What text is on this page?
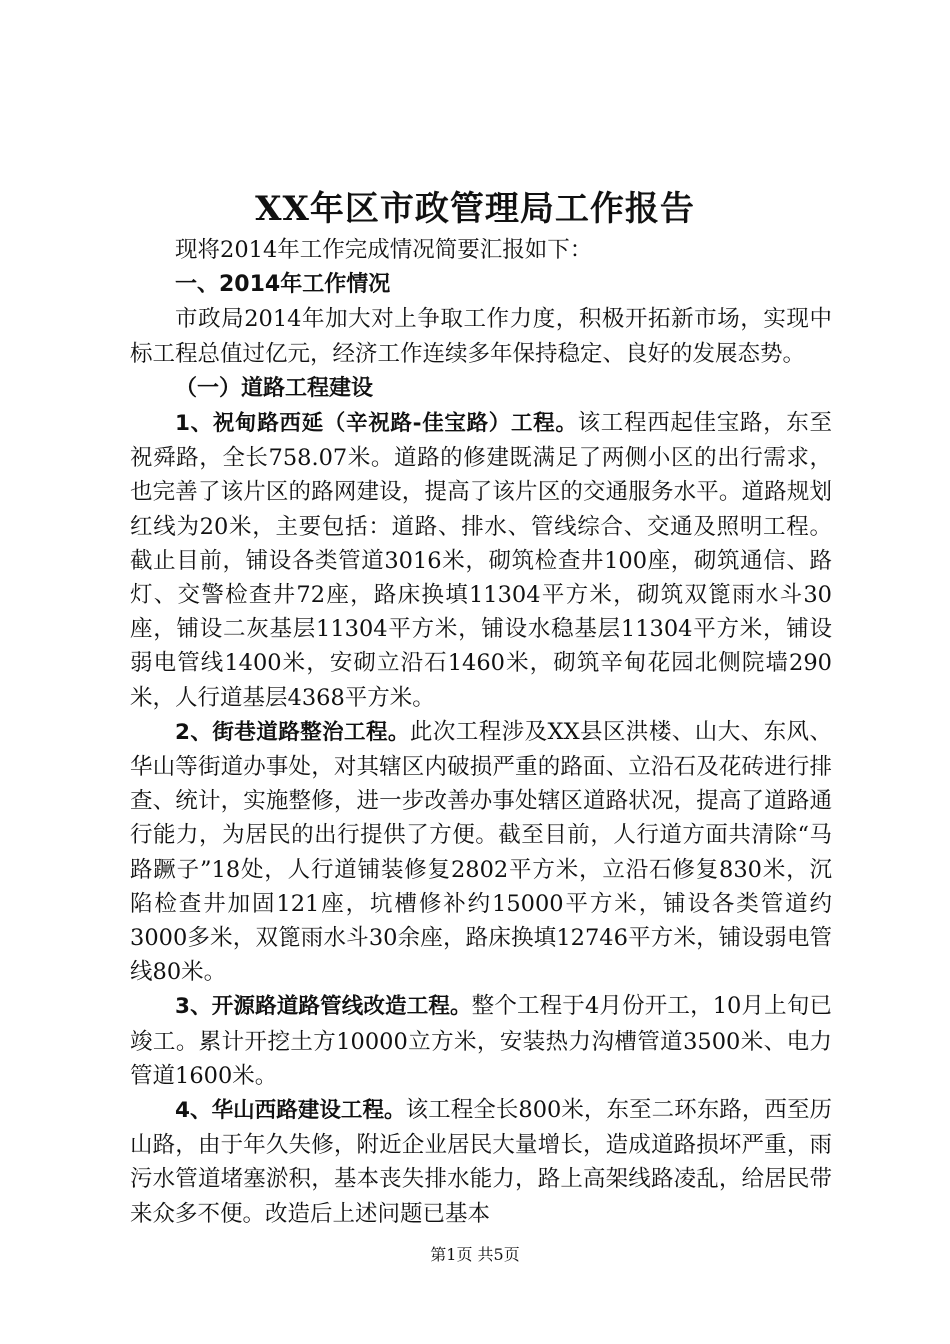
XX年区市政管理局工作报告

现将2014年工作完成情况简要汇报如下：

一、2014年工作情况

市政局2014年加大对上争取工作力度，积极开拓新市场，实现中标工程总值过亿元，经济工作连续多年保持稳定、良好的发展态势。

（一）道路工程建设

1、祝甸路西延（辛祝路-佳宝路）工程。该工程西起佳宝路，东至祝舜路，全长758.07米。道路的修建既满足了两侧小区的出行需求，也完善了该片区的路网建设，提高了该片区的交通服务水平。道路规划红线为20米，主要包括：道路、排水、管线综合、交通及照明工程。截止目前，铺设各类管道3016米，砌筑检查井100座，砌筑通信、路灯、交警检查井72座，路床换填11304平方米，砌筑双篦雨水斗30座，铺设二灰基层11304平方米，铺设水稳基层11304平方米，铺设弱电管线1400米，安砌立沿石1460米，砌筑辛甸花园北侧院墙290米，人行道基层4368平方米。

2、街巷道路整治工程。此次工程涉及XX县区洪楼、山大、东风、华山等街道办事处，对其辖区内破损严重的路面、立沿石及花砖进行排查、统计，实施整修，进一步改善办事处辖区道路状况，提高了道路通行能力，为居民的出行提供了方便。截至目前，人行道方面共清除“马路蹶子”18处，人行道铺装修复2802平方米，立沿石修复830米，沉陷检查井加固121座，坑槽修补约15000平方米，铺设各类管道约3000多米，双篦雨水斗30余座，路床换填12746平方米，铺设弱电管线80米。

3、开源路道路管线改造工程。整个工程于4月份开工，10月上旬已竣工。累计开挖土方10000立方米，安装热力沟槽管道3500米、电力管道1600米。

4、华山西路建设工程。该工程全长800米，东至二环东路，西至历山路，由于年久失修，附近企业居民大量增长，造成道路损坏严重，雨污水管道堵塞淤积，基本丧失排水能力，路上高架线路凌乱，给居民带来众多不便。改造后上述问题已基本

第1页 共5页
